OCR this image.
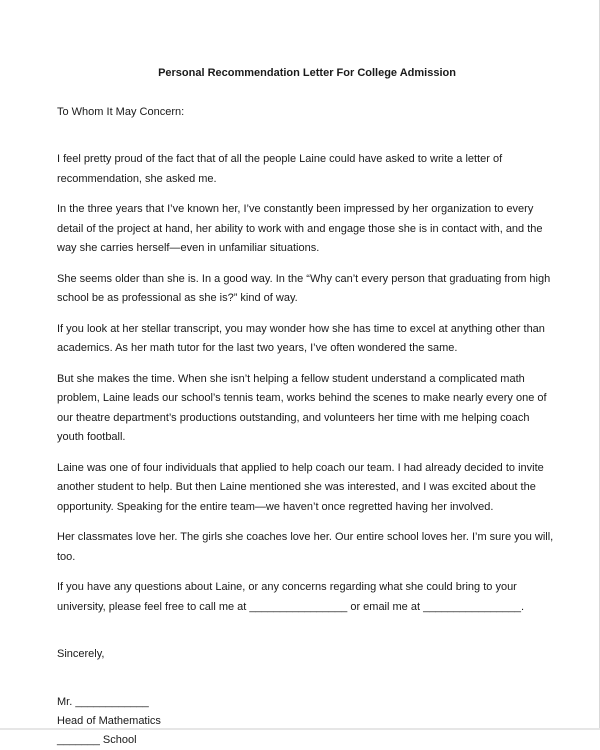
Personal Recommendation Letter For College Admission
To Whom It May Concern:
I feel pretty proud of the fact that of all the people Laine could have asked to write a letter of recommendation, she asked me.
In the three years that I’ve known her, I’ve constantly been impressed by her organization to every detail of the project at hand, her ability to work with and engage those she is in contact with, and the way she carries herself—even in unfamiliar situations.
She seems older than she is. In a good way. In the “Why can’t every person that graduating from high school be as professional as she is?” kind of way.
If you look at her stellar transcript, you may wonder how she has time to excel at anything other than academics. As her math tutor for the last two years, I’ve often wondered the same.
But she makes the time. When she isn’t helping a fellow student understand a complicated math problem, Laine leads our school’s tennis team, works behind the scenes to make nearly every one of our theatre department’s productions outstanding, and volunteers her time with me helping coach youth football.
Laine was one of four individuals that applied to help coach our team. I had already decided to invite another student to help. But then Laine mentioned she was interested, and I was excited about the opportunity. Speaking for the entire team—we haven’t once regretted having her involved.
Her classmates love her. The girls she coaches love her. Our entire school loves her. I’m sure you will, too.
If you have any questions about Laine, or any concerns regarding what she could bring to your university, please feel free to call me at ________________ or email me at ________________.
Sincerely,
Mr. ____________
Head of Mathematics
_______ School
